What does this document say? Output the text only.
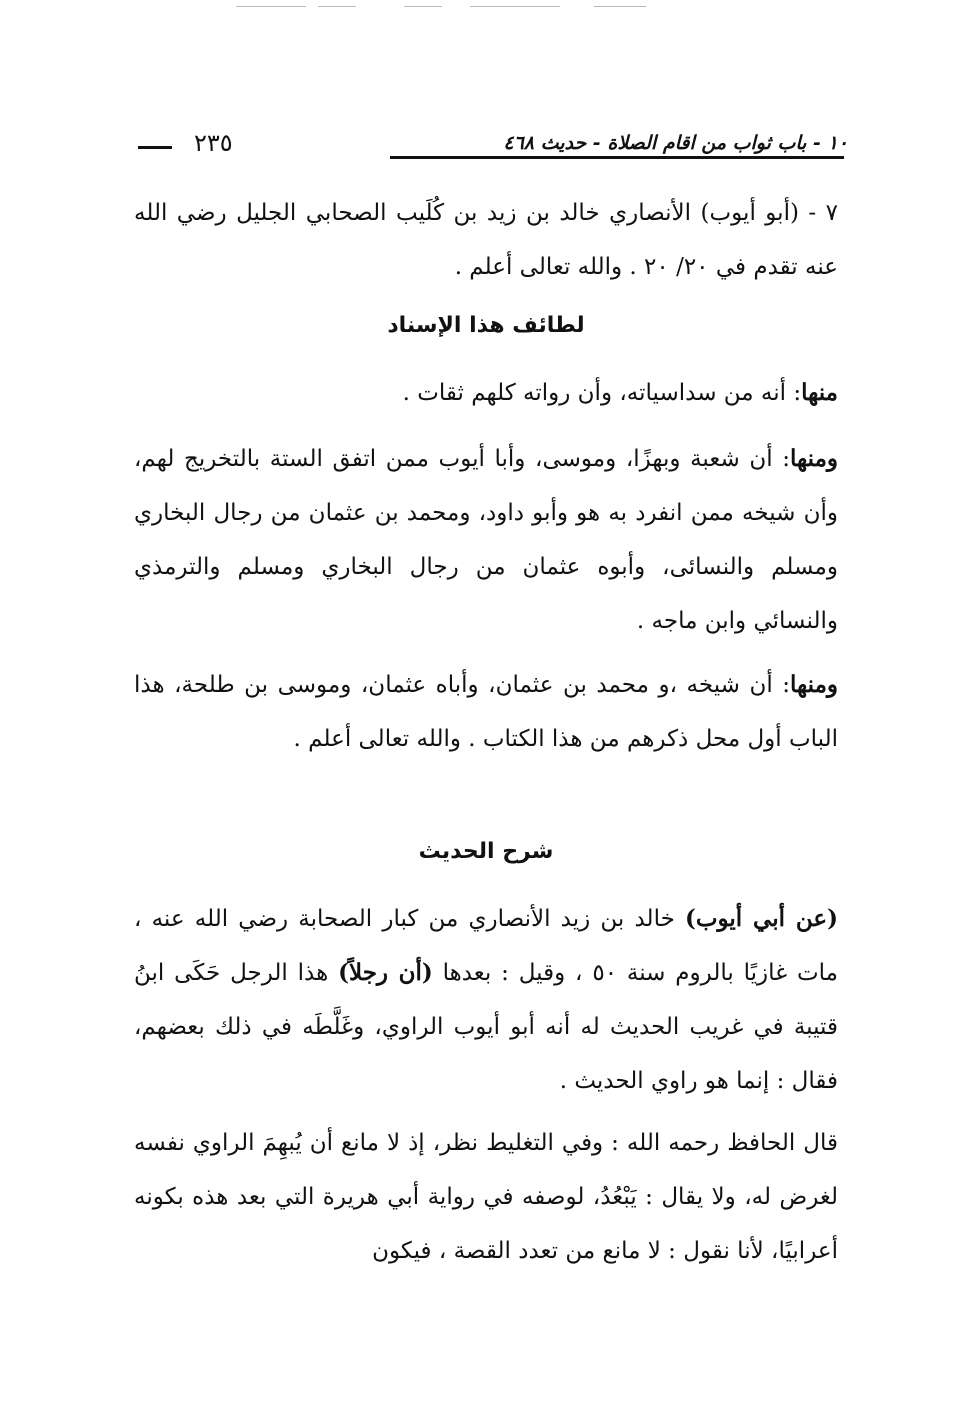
٢٣٥	١٠ - باب ثواب من اقام الصلاة - حديث ٤٦٨
٧ - (أبو أيوب) الأنصاري خالد بن زيد بن كُلَيب الصحابي الجليل رضي الله عنه تقدم في ٢٠/ ٢٠ . والله تعالى أعلم .
لطائف هذا الإسناد
منها: أنه من سداسياته، وأن رواته كلهم ثقات .
ومنها: أن شعبة وبهزًا، وموسى، وأبا أيوب ممن اتفق الستة بالتخريج لهم، وأن شيخه ممن انفرد به هو وأبو داود، ومحمد بن عثمان من رجال البخاري ومسلم والنسائى، وأبوه عثمان من رجال البخاري ومسلم والترمذي والنسائي وابن ماجه .
ومنها: أن شيخه ،و محمد بن عثمان، وأباه عثمان، وموسى بن طلحة، هذا الباب أول محل ذكرهم من هذا الكتاب . والله تعالى أعلم .
شرح الحديث
(عن أبي أيوب) خالد بن زيد الأنصاري من كبار الصحابة رضي الله عنه ، مات غازيًا بالروم سنة ٥٠ ، وقيل : بعدها (أن رجلاً) هذا الرجل حَكَى ابنُ قتيبة في غريب الحديث له أنه أبو أيوب الراوي، وغَلَّطَه في ذلك بعضهم، فقال : إنما هو راوي الحديث .
قال الحافظ رحمه الله : وفي التغليط نظر، إذ لا مانع أن يُبهِمَ الراوي نفسه لغرض له، ولا يقال : يَبْعُدُ، لوصفه في رواية أبي هريرة التي بعد هذه بكونه أعرابيًا، لأنا نقول : لا مانع من تعدد القصة ، فيكون
